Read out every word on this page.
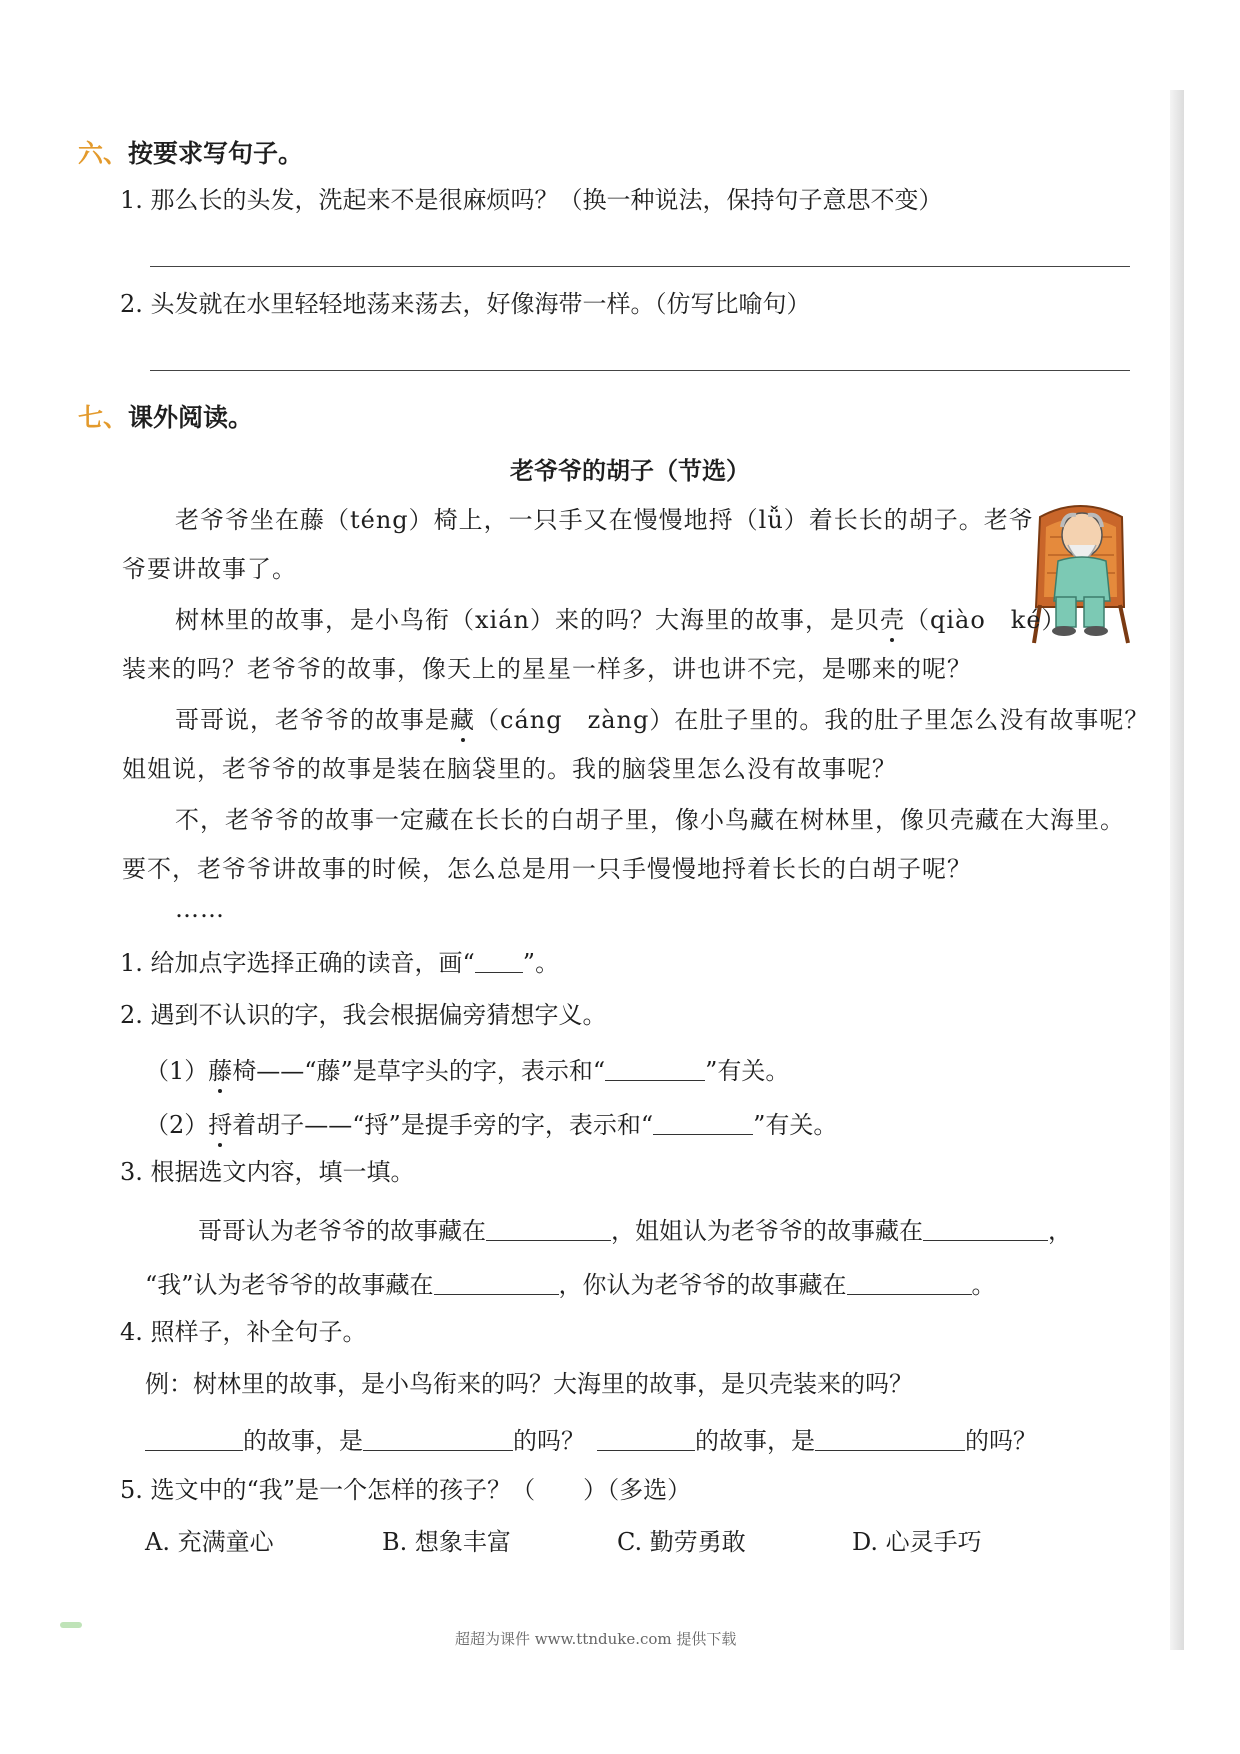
六、按要求写句子。
1. 那么长的头发，洗起来不是很麻烦吗？（换一种说法，保持句子意思不变）
2. 头发就在水里轻轻地荡来荡去，好像海带一样。（仿写比喻句）
七、课外阅读。
老爷爷的胡子（节选）
老爷爷坐在藤（téng）椅上，一只手又在慢慢地捋（lǚ）着长长的胡子。老爷
爷要讲故事了。
树林里的故事，是小鸟衔（xián）来的吗？大海里的故事，是贝壳（qiào　ké）
装来的吗？老爷爷的故事，像天上的星星一样多，讲也讲不完，是哪来的呢？
哥哥说，老爷爷的故事是藏（cáng　zàng）在肚子里的。我的肚子里怎么没有故事呢？
姐姐说，老爷爷的故事是装在脑袋里的。我的脑袋里怎么没有故事呢？
不，老爷爷的故事一定藏在长长的白胡子里，像小鸟藏在树林里，像贝壳藏在大海里。
要不，老爷爷讲故事的时候，怎么总是用一只手慢慢地捋着长长的白胡子呢？
……
1. 给加点字选择正确的读音，画“ ”。
2. 遇到不认识的字，我会根据偏旁猜想字义。
（1）藤椅——“藤”是草字头的字，表示和“	”有关。
（2）捋着胡子——“捋”是提手旁的字，表示和“	”有关。
3. 根据选文内容，填一填。
哥哥认为老爷爷的故事藏在	，姐姐认为老爷爷的故事藏在	，
“我”认为老爷爷的故事藏在	，你认为老爷爷的故事藏在	。
4. 照样子，补全句子。
例：树林里的故事，是小鸟衔来的吗？大海里的故事，是贝壳装来的吗？
的故事，是	的吗？	的故事，是	的吗？
5. 选文中的“我”是一个怎样的孩子？（　　）（多选）
A. 充满童心	B. 想象丰富	C. 勤劳勇敢	D. 心灵手巧
超超为课件 www.ttnduke.com 提供下载
